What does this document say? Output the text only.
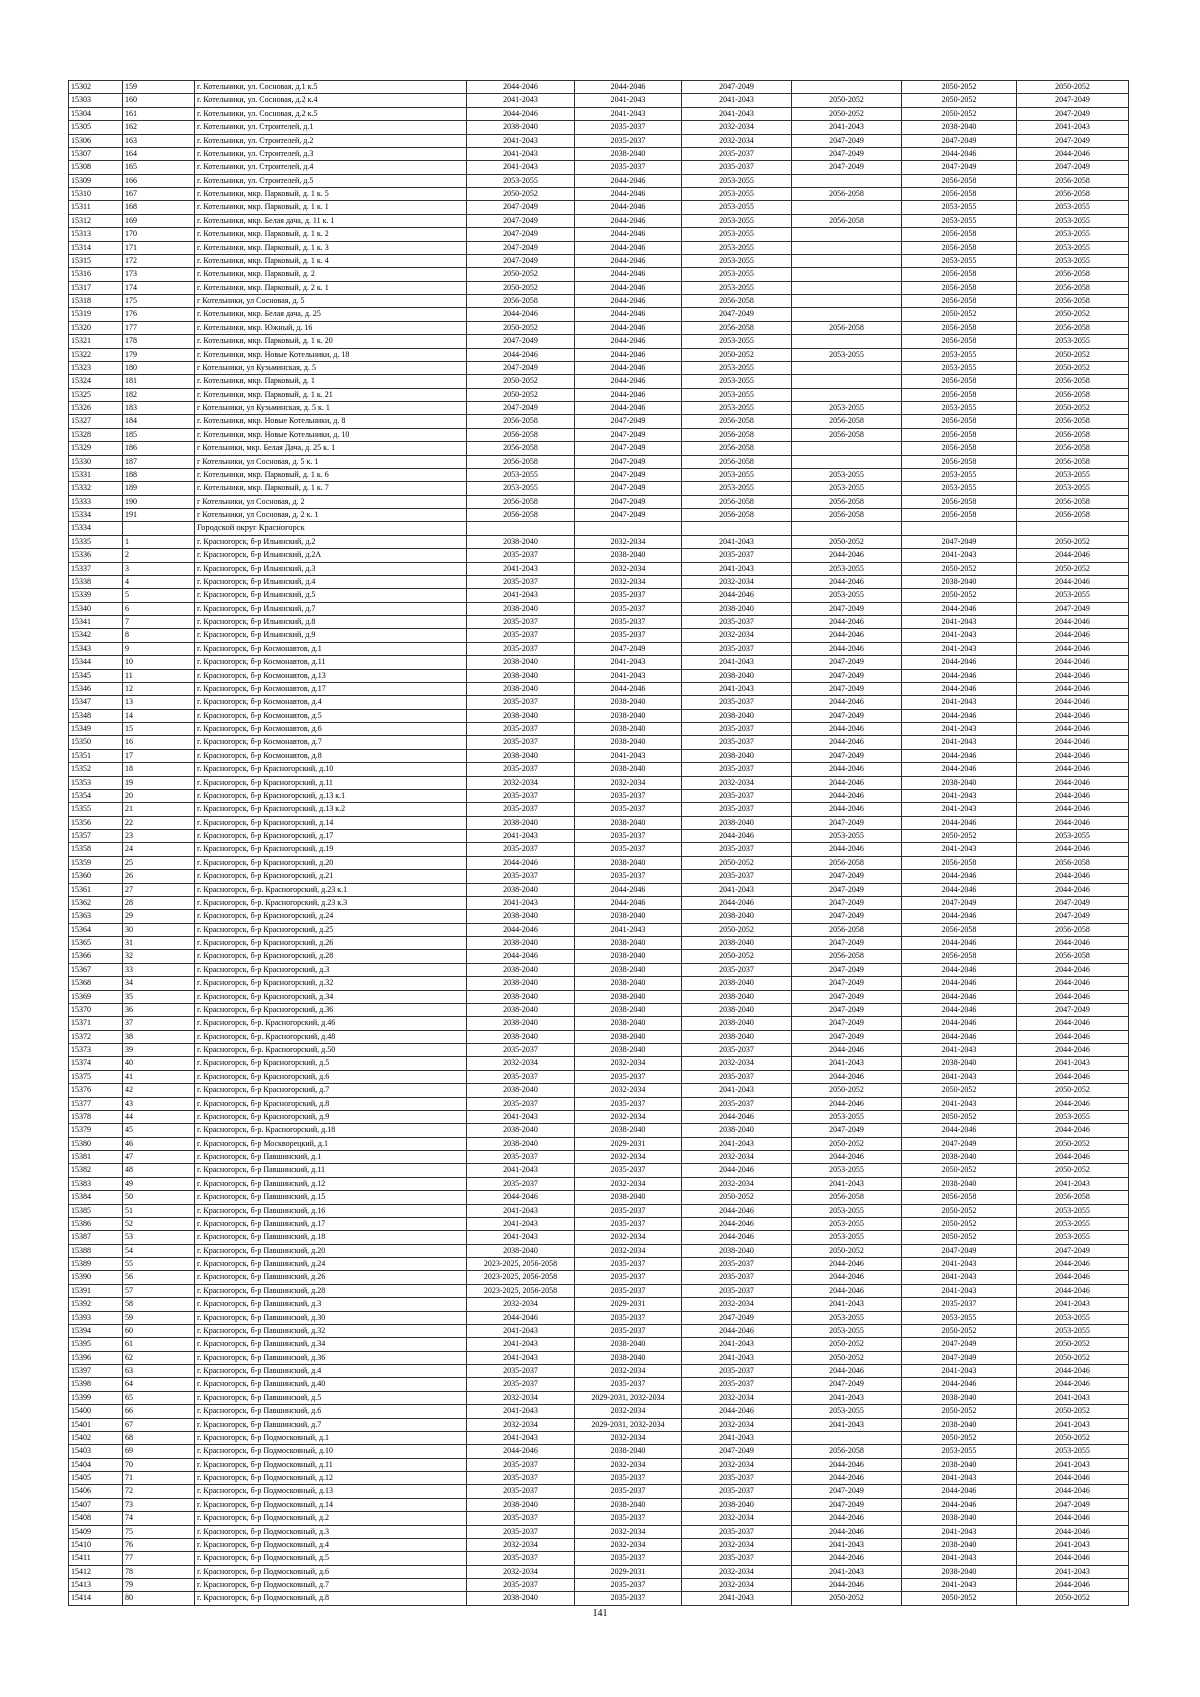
15302	159	г. Котельники, ул. Сосновая, д.1 к.5	2044-2046	2044-2046	2047-2049		2050-2052	2050-2052
15303	160	г. Котельники, ул. Сосновая, д.2 к.4	2041-2043	2041-2043	2041-2043	2050-2052	2050-2052	2047-2049
15304	161	г. Котельники, ул. Сосновая, д.2 к.5	2044-2046	2041-2043	2041-2043	2050-2052	2050-2052	2047-2049
15305	162	г. Котельники, ул. Строителей, д.1	2038-2040	2035-2037	2032-2034	2041-2043	2038-2040	2041-2043
15306	163	г. Котельники, ул. Строителей, д.2	2041-2043	2035-2037	2032-2034	2047-2049	2047-2049	2047-2049
15307	164	г. Котельники, ул. Строителей, д.3	2041-2043	2038-2040	2035-2037	2047-2049	2044-2046	2044-2046
15308	165	г. Котельники, ул. Строителей, д.4	2041-2043	2035-2037	2035-2037	2047-2049	2047-2049	2047-2049
15309	166	г. Котельники, ул. Строителей, д.5	2053-2055	2044-2046	2053-2055		2056-2058	2056-2058
15310	167	г. Котельники, мкр. Парковый, д. 1 к. 5	2050-2052	2044-2046	2053-2055	2056-2058	2056-2058	2056-2058
15311	168	г. Котельники, мкр. Парковый, д. 1 к. 1	2047-2049	2044-2046	2053-2055		2053-2055	2053-2055
15312	169	г. Котельники, мкр. Белая дача, д. 11 к. 1	2047-2049	2044-2046	2053-2055	2056-2058	2053-2055	2053-2055
15313	170	г. Котельники, мкр. Парковый, д. 1 к. 2	2047-2049	2044-2046	2053-2055		2056-2058	2053-2055
15314	171	г. Котельники, мкр. Парковый, д. 1 к. 3	2047-2049	2044-2046	2053-2055		2056-2058	2053-2055
15315	172	г. Котельники, мкр. Парковый, д. 1 к. 4	2047-2049	2044-2046	2053-2055		2053-2055	2053-2055
15316	173	г. Котельники, мкр. Парковый, д. 2	2050-2052	2044-2046	2053-2055		2056-2058	2056-2058
15317	174	г. Котельники, мкр. Парковый, д. 2 к. 1	2050-2052	2044-2046	2053-2055		2056-2058	2056-2058
15318	175	г Котельники, ул Сосновая, д. 5	2056-2058	2044-2046	2056-2058		2056-2058	2056-2058
15319	176	г. Котельники, мкр. Белая дача, д. 25	2044-2046	2044-2046	2047-2049		2050-2052	2050-2052
15320	177	г. Котельники, мкр. Южный, д. 16	2050-2052	2044-2046	2056-2058	2056-2058	2056-2058	2056-2058
15321	178	г. Котельники, мкр. Парковый, д. 1 к. 20	2047-2049	2044-2046	2053-2055		2056-2058	2053-2055
15322	179	г. Котельники, мкр. Новые Котельники, д. 18	2044-2046	2044-2046	2050-2052	2053-2055	2053-2055	2050-2052
15323	180	г Котельники, ул Кузьминская, д. 5	2047-2049	2044-2046	2053-2055		2053-2055	2050-2052
15324	181	г. Котельники, мкр. Парковый, д. 1	2050-2052	2044-2046	2053-2055		2056-2058	2056-2058
15325	182	г. Котельники, мкр. Парковый, д. 1 к. 21	2050-2052	2044-2046	2053-2055		2056-2058	2056-2058
15326	183	г Котельники, ул Кузьминская, д. 5 к. 1	2047-2049	2044-2046	2053-2055	2053-2055	2053-2055	2050-2052
15327	184	г. Котельники, мкр. Новые Котельники, д. 8	2056-2058	2047-2049	2056-2058	2056-2058	2056-2058	2056-2058
15328	185	г. Котельники, мкр. Новые Котельники, д. 10	2056-2058	2047-2049	2056-2058	2056-2058	2056-2058	2056-2058
15329	186	г Котельники, мкр. Белая Дача, д. 25 к. 1	2056-2058	2047-2049	2056-2058		2056-2058	2056-2058
15330	187	г Котельники, ул Сосновая, д. 5 к. 1	2056-2058	2047-2049	2056-2058		2056-2058	2056-2058
15331	188	г. Котельники, мкр. Парковый, д. 1 к. 6	2053-2055	2047-2049	2053-2055	2053-2055	2053-2055	2053-2055
15332	189	г. Котельники, мкр. Парковый, д. 1 к. 7	2053-2055	2047-2049	2053-2055	2053-2055	2053-2055	2053-2055
15333	190	г Котельники, ул Сосновая, д. 2	2056-2058	2047-2049	2056-2058	2056-2058	2056-2058	2056-2058
15334	191	г Котельники, ул Сосновая, д. 2 к. 1	2056-2058	2047-2049	2056-2058	2056-2058	2056-2058	2056-2058
15334		Городской округ Красногорск						
15335	1	г. Красногорск, б-р Ильинский, д.2	2038-2040	2032-2034	2041-2043	2050-2052	2047-2049	2050-2052
15336	2	г. Красногорск, б-р Ильинский, д.2А	2035-2037	2038-2040	2035-2037	2044-2046	2041-2043	2044-2046
15337	3	г. Красногорск, б-р Ильинский, д.3	2041-2043	2032-2034	2041-2043	2053-2055	2050-2052	2050-2052
15338	4	г. Красногорск, б-р Ильинский, д.4	2035-2037	2032-2034	2032-2034	2044-2046	2038-2040	2044-2046
15339	5	г. Красногорск, б-р Ильинский, д.5	2041-2043	2035-2037	2044-2046	2053-2055	2050-2052	2053-2055
15340	6	г. Красногорск, б-р Ильинский, д.7	2038-2040	2035-2037	2038-2040	2047-2049	2044-2046	2047-2049
15341	7	г. Красногорск, б-р Ильинский, д.8	2035-2037	2035-2037	2035-2037	2044-2046	2041-2043	2044-2046
15342	8	г. Красногорск, б-р Ильинский, д.9	2035-2037	2035-2037	2032-2034	2044-2046	2041-2043	2044-2046
15343	9	г. Красногорск, б-р Космонавтов, д.1	2035-2037	2047-2049	2035-2037	2044-2046	2041-2043	2044-2046
15344	10	г. Красногорск, б-р Космонавтов, д.11	2038-2040	2041-2043	2041-2043	2047-2049	2044-2046	2044-2046
15345	11	г. Красногорск, б-р Космонавтов, д.13	2038-2040	2041-2043	2038-2040	2047-2049	2044-2046	2044-2046
15346	12	г. Красногорск, б-р Космонавтов, д.17	2038-2040	2044-2046	2041-2043	2047-2049	2044-2046	2044-2046
15347	13	г. Красногорск, б-р Космонавтов, д.4	2035-2037	2038-2040	2035-2037	2044-2046	2041-2043	2044-2046
15348	14	г. Красногорск, б-р Космонавтов, д.5	2038-2040	2038-2040	2038-2040	2047-2049	2044-2046	2044-2046
15349	15	г. Красногорск, б-р Космонавтов, д.6	2035-2037	2038-2040	2035-2037	2044-2046	2041-2043	2044-2046
15350	16	г. Красногорск, б-р Космонавтов, д.7	2035-2037	2038-2040	2035-2037	2044-2046	2041-2043	2044-2046
15351	17	г. Красногорск, б-р Космонавтов, д.8	2038-2040	2041-2043	2038-2040	2047-2049	2044-2046	2044-2046
15352	18	г. Красногорск, б-р Красногорский, д.10	2035-2037	2038-2040	2035-2037	2044-2046	2044-2046	2044-2046
15353	19	г. Красногорск, б-р Красногорский, д.11	2032-2034	2032-2034	2032-2034	2044-2046	2038-2040	2044-2046
15354	20	г. Красногорск, б-р Красногорский, д.13 к.1	2035-2037	2035-2037	2035-2037	2044-2046	2041-2043	2044-2046
15355	21	г. Красногорск, б-р Красногорский, д.13 к.2	2035-2037	2035-2037	2035-2037	2044-2046	2041-2043	2044-2046
15356	22	г. Красногорск, б-р Красногорский, д.14	2038-2040	2038-2040	2038-2040	2047-2049	2044-2046	2044-2046
15357	23	г. Красногорск, б-р Красногорский, д.17	2041-2043	2035-2037	2044-2046	2053-2055	2050-2052	2053-2055
15358	24	г. Красногорск, б-р Красногорский, д.19	2035-2037	2035-2037	2035-2037	2044-2046	2041-2043	2044-2046
15359	25	г. Красногорск, б-р Красногорский, д.20	2044-2046	2038-2040	2050-2052	2056-2058	2056-2058	2056-2058
15360	26	г. Красногорск, б-р Красногорский, д.21	2035-2037	2035-2037	2035-2037	2047-2049	2044-2046	2044-2046
15361	27	г. Красногорск, б-р. Красногорский, д.23 к.1	2038-2040	2044-2046	2041-2043	2047-2049	2044-2046	2044-2046
15362	28	г. Красногорск, б-р. Красногорский, д.23 к.3	2041-2043	2044-2046	2044-2046	2047-2049	2047-2049	2047-2049
15363	29	г. Красногорск, б-р Красногорский, д.24	2038-2040	2038-2040	2038-2040	2047-2049	2044-2046	2047-2049
15364	30	г. Красногорск, б-р Красногорский, д.25	2044-2046	2041-2043	2050-2052	2056-2058	2056-2058	2056-2058
15365	31	г. Красногорск, б-р Красногорский, д.26	2038-2040	2038-2040	2038-2040	2047-2049	2044-2046	2044-2046
15366	32	г. Красногорск, б-р Красногорский, д.28	2044-2046	2038-2040	2050-2052	2056-2058	2056-2058	2056-2058
15367	33	г. Красногорск, б-р Красногорский, д.3	2038-2040	2038-2040	2035-2037	2047-2049	2044-2046	2044-2046
15368	34	г. Красногорск, б-р Красногорский, д.32	2038-2040	2038-2040	2038-2040	2047-2049	2044-2046	2044-2046
15369	35	г. Красногорск, б-р Красногорский, д.34	2038-2040	2038-2040	2038-2040	2047-2049	2044-2046	2044-2046
15370	36	г. Красногорск, б-р Красногорский, д.36	2038-2040	2038-2040	2038-2040	2047-2049	2044-2046	2047-2049
15371	37	г. Красногорск, б-р. Красногорский, д.46	2038-2040	2038-2040	2038-2040	2047-2049	2044-2046	2044-2046
15372	38	г. Красногорск, б-р. Красногорский, д.48	2038-2040	2038-2040	2038-2040	2047-2049	2044-2046	2044-2046
15373	39	г. Красногорск, б-р. Красногорский, д.50	2035-2037	2038-2040	2035-2037	2044-2046	2041-2043	2044-2046
15374	40	г. Красногорск, б-р Красногорский, д.5	2032-2034	2032-2034	2032-2034	2041-2043	2038-2040	2041-2043
15375	41	г. Красногорск, б-р Красногорский, д.6	2035-2037	2035-2037	2035-2037	2044-2046	2041-2043	2044-2046
15376	42	г. Красногорск, б-р Красногорский, д.7	2038-2040	2032-2034	2041-2043	2050-2052	2050-2052	2050-2052
15377	43	г. Красногорск, б-р Красногорский, д.8	2035-2037	2035-2037	2035-2037	2044-2046	2041-2043	2044-2046
15378	44	г. Красногорск, б-р Красногорский, д.9	2041-2043	2032-2034	2044-2046	2053-2055	2050-2052	2053-2055
15379	45	г. Красногорск, б-р. Красногорский, д.18	2038-2040	2038-2040	2038-2040	2047-2049	2044-2046	2044-2046
15380	46	г. Красногорск, б-р Москворецкий, д.1	2038-2040	2029-2031	2041-2043	2050-2052	2047-2049	2050-2052
15381	47	г. Красногорск, б-р Павшинский, д.1	2035-2037	2032-2034	2032-2034	2044-2046	2038-2040	2044-2046
15382	48	г. Красногорск, б-р Павшинский, д.11	2041-2043	2035-2037	2044-2046	2053-2055	2050-2052	2050-2052
15383	49	г. Красногорск, б-р Павшинский, д.12	2035-2037	2032-2034	2032-2034	2041-2043	2038-2040	2041-2043
15384	50	г. Красногорск, б-р Павшинский, д.15	2044-2046	2038-2040	2050-2052	2056-2058	2056-2058	2056-2058
15385	51	г. Красногорск, б-р Павшинский, д.16	2041-2043	2035-2037	2044-2046	2053-2055	2050-2052	2053-2055
15386	52	г. Красногорск, б-р Павшинский, д.17	2041-2043	2035-2037	2044-2046	2053-2055	2050-2052	2053-2055
15387	53	г. Красногорск, б-р Павшинский, д.18	2041-2043	2032-2034	2044-2046	2053-2055	2050-2052	2053-2055
15388	54	г. Красногорск, б-р Павшинский, д.20	2038-2040	2032-2034	2038-2040	2050-2052	2047-2049	2047-2049
15389	55	г. Красногорск, б-р Павшинский, д.24	2023-2025, 2056-2058	2035-2037	2035-2037	2044-2046	2041-2043	2044-2046
15390	56	г. Красногорск, б-р Павшинский, д.26	2023-2025, 2056-2058	2035-2037	2035-2037	2044-2046	2041-2043	2044-2046
15391	57	г. Красногорск, б-р Павшинский, д.28	2023-2025, 2056-2058	2035-2037	2035-2037	2044-2046	2041-2043	2044-2046
15392	58	г. Красногорск, б-р Павшинский, д.3	2032-2034	2029-2031	2032-2034	2041-2043	2035-2037	2041-2043
15393	59	г. Красногорск, б-р Павшинский, д.30	2044-2046	2035-2037	2047-2049	2053-2055	2053-2055	2053-2055
15394	60	г. Красногорск, б-р Павшинский, д.32	2041-2043	2035-2037	2044-2046	2053-2055	2050-2052	2053-2055
15395	61	г. Красногорск, б-р Павшинский, д.34	2041-2043	2038-2040	2041-2043	2050-2052	2047-2049	2050-2052
15396	62	г. Красногорск, б-р Павшинский, д.36	2041-2043	2038-2040	2041-2043	2050-2052	2047-2049	2050-2052
15397	63	г. Красногорск, б-р Павшинский, д.4	2035-2037	2032-2034	2035-2037	2044-2046	2041-2043	2044-2046
15398	64	г. Красногорск, б-р Павшинский, д.40	2035-2037	2035-2037	2035-2037	2047-2049	2044-2046	2044-2046
15399	65	г. Красногорск, б-р Павшинский, д.5	2032-2034	2029-2031, 2032-2034	2032-2034	2041-2043	2038-2040	2041-2043
15400	66	г. Красногорск, б-р Павшинский, д.6	2041-2043	2032-2034	2044-2046	2053-2055	2050-2052	2050-2052
15401	67	г. Красногорск, б-р Павшинский, д.7	2032-2034	2029-2031, 2032-2034	2032-2034	2041-2043	2038-2040	2041-2043
15402	68	г. Красногорск, б-р Подмосковный, д.1	2041-2043	2032-2034	2041-2043		2050-2052	2050-2052
15403	69	г. Красногорск, б-р Подмосковный, д.10	2044-2046	2038-2040	2047-2049	2056-2058	2053-2055	2053-2055
15404	70	г. Красногорск, б-р Подмосковный, д.11	2035-2037	2032-2034	2032-2034	2044-2046	2038-2040	2041-2043
15405	71	г. Красногорск, б-р Подмосковный, д.12	2035-2037	2035-2037	2035-2037	2044-2046	2041-2043	2044-2046
15406	72	г. Красногорск, б-р Подмосковный, д.13	2035-2037	2035-2037	2035-2037	2047-2049	2044-2046	2044-2046
15407	73	г. Красногорск, б-р Подмосковный, д.14	2038-2040	2038-2040	2038-2040	2047-2049	2044-2046	2047-2049
15408	74	г. Красногорск, б-р Подмосковный, д.2	2035-2037	2035-2037	2032-2034	2044-2046	2038-2040	2044-2046
15409	75	г. Красногорск, б-р Подмосковный, д.3	2035-2037	2032-2034	2035-2037	2044-2046	2041-2043	2044-2046
15410	76	г. Красногорск, б-р Подмосковный, д.4	2032-2034	2032-2034	2032-2034	2041-2043	2038-2040	2041-2043
15411	77	г. Красногорск, б-р Подмосковный, д.5	2035-2037	2035-2037	2035-2037	2044-2046	2041-2043	2044-2046
15412	78	г. Красногорск, б-р Подмосковный, д.6	2032-2034	2029-2031	2032-2034	2041-2043	2038-2040	2041-2043
15413	79	г. Красногорск, б-р Подмосковный, д.7	2035-2037	2035-2037	2032-2034	2044-2046	2041-2043	2044-2046
15414	80	г. Красногорск, б-р Подмосковный, д.8	2038-2040	2035-2037	2041-2043	2050-2052	2050-2052	2050-2052
141
